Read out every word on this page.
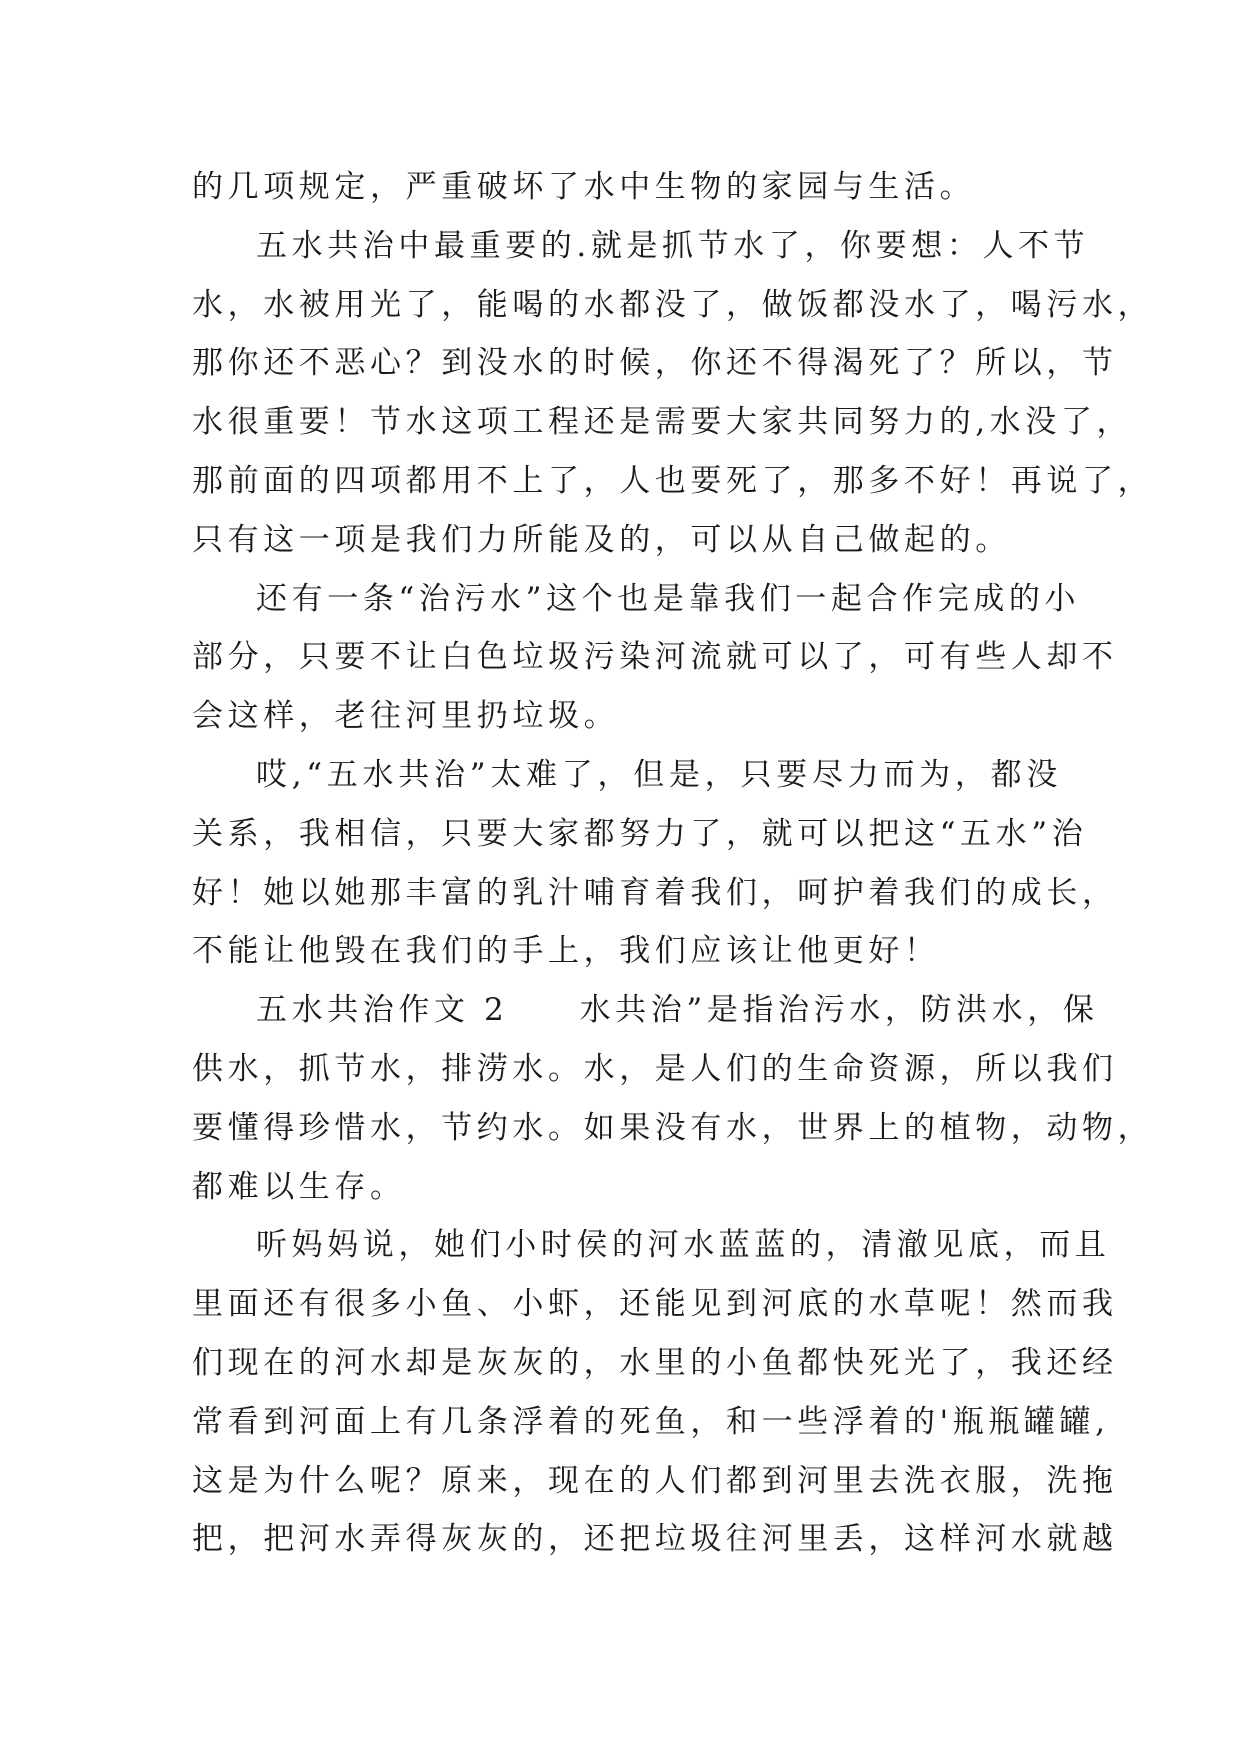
的几项规定，严重破坏了水中生物的家园与生活。
五水共治中最重要的.就是抓节水了，你要想：人不节
水，水被用光了，能喝的水都没了，做饭都没水了，喝污水，
那你还不恶心？到没水的时候，你还不得渴死了？所以，节
水很重要！节水这项工程还是需要大家共同努力的,水没了，
那前面的四项都用不上了，人也要死了，那多不好！再说了，
只有这一项是我们力所能及的，可以从自己做起的。
还有一条“治污水”这个也是靠我们一起合作完成的小
部分，只要不让白色垃圾污染河流就可以了，可有些人却不
会这样，老往河里扔垃圾。
哎,“五水共治”太难了，但是，只要尽力而为，都没
关系，我相信，只要大家都努力了，就可以把这“五水”治
好！她以她那丰富的乳汁哺育着我们，呵护着我们的成长，
不能让他毁在我们的手上，我们应该让他更好！
五水共治作文 2　　水共治”是指治污水，防洪水，保
供水，抓节水，排涝水。水，是人们的生命资源，所以我们
要懂得珍惜水，节约水。如果没有水，世界上的植物，动物，
都难以生存。
听妈妈说，她们小时侯的河水蓝蓝的，清澈见底，而且
里面还有很多小鱼、小虾，还能见到河底的水草呢！然而我
们现在的河水却是灰灰的，水里的小鱼都快死光了，我还经
常看到河面上有几条浮着的死鱼，和一些浮着的'瓶瓶罐罐,
这是为什么呢？原来，现在的人们都到河里去洗衣服，洗拖
把，把河水弄得灰灰的，还把垃圾往河里丢，这样河水就越
